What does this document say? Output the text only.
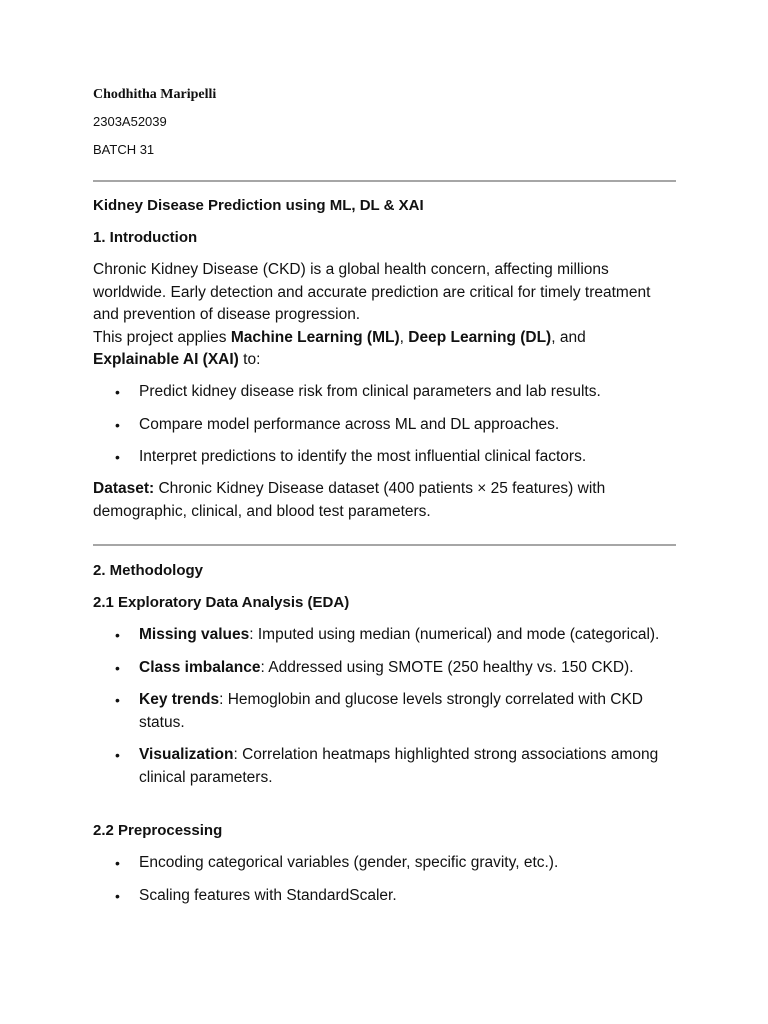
Chodhitha Maripelli
2303A52039
BATCH 31
Kidney Disease Prediction using ML, DL & XAI
1. Introduction

Chronic Kidney Disease (CKD) is a global health concern, affecting millions worldwide. Early detection and accurate prediction are critical for timely treatment and prevention of disease progression.

This project applies Machine Learning (ML), Deep Learning (DL), and
Explainable AI (XAI) to:

• Predict kidney disease risk from clinical parameters and lab results.
• Compare model performance across ML and DL approaches.
• Interpret predictions to identify the most influential clinical factors.
Dataset: Chronic Kidney Disease dataset (400 patients × 25 features) with demographic, clinical, and blood test parameters.
2. Methodology
2.1 Exploratory Data Analysis (EDA)
• Missing values: Imputed using median (numerical) and mode (categorical).
• Class imbalance: Addressed using SMOTE (250 healthy vs. 150 CKD).
• Key trends: Hemoglobin and glucose levels strongly correlated with CKD status.
• Visualization: Correlation heatmaps highlighted strong associations among clinical parameters.
2.2 Preprocessing
• Encoding categorical variables (gender, specific gravity, etc.).
• Scaling features with StandardScaler.
